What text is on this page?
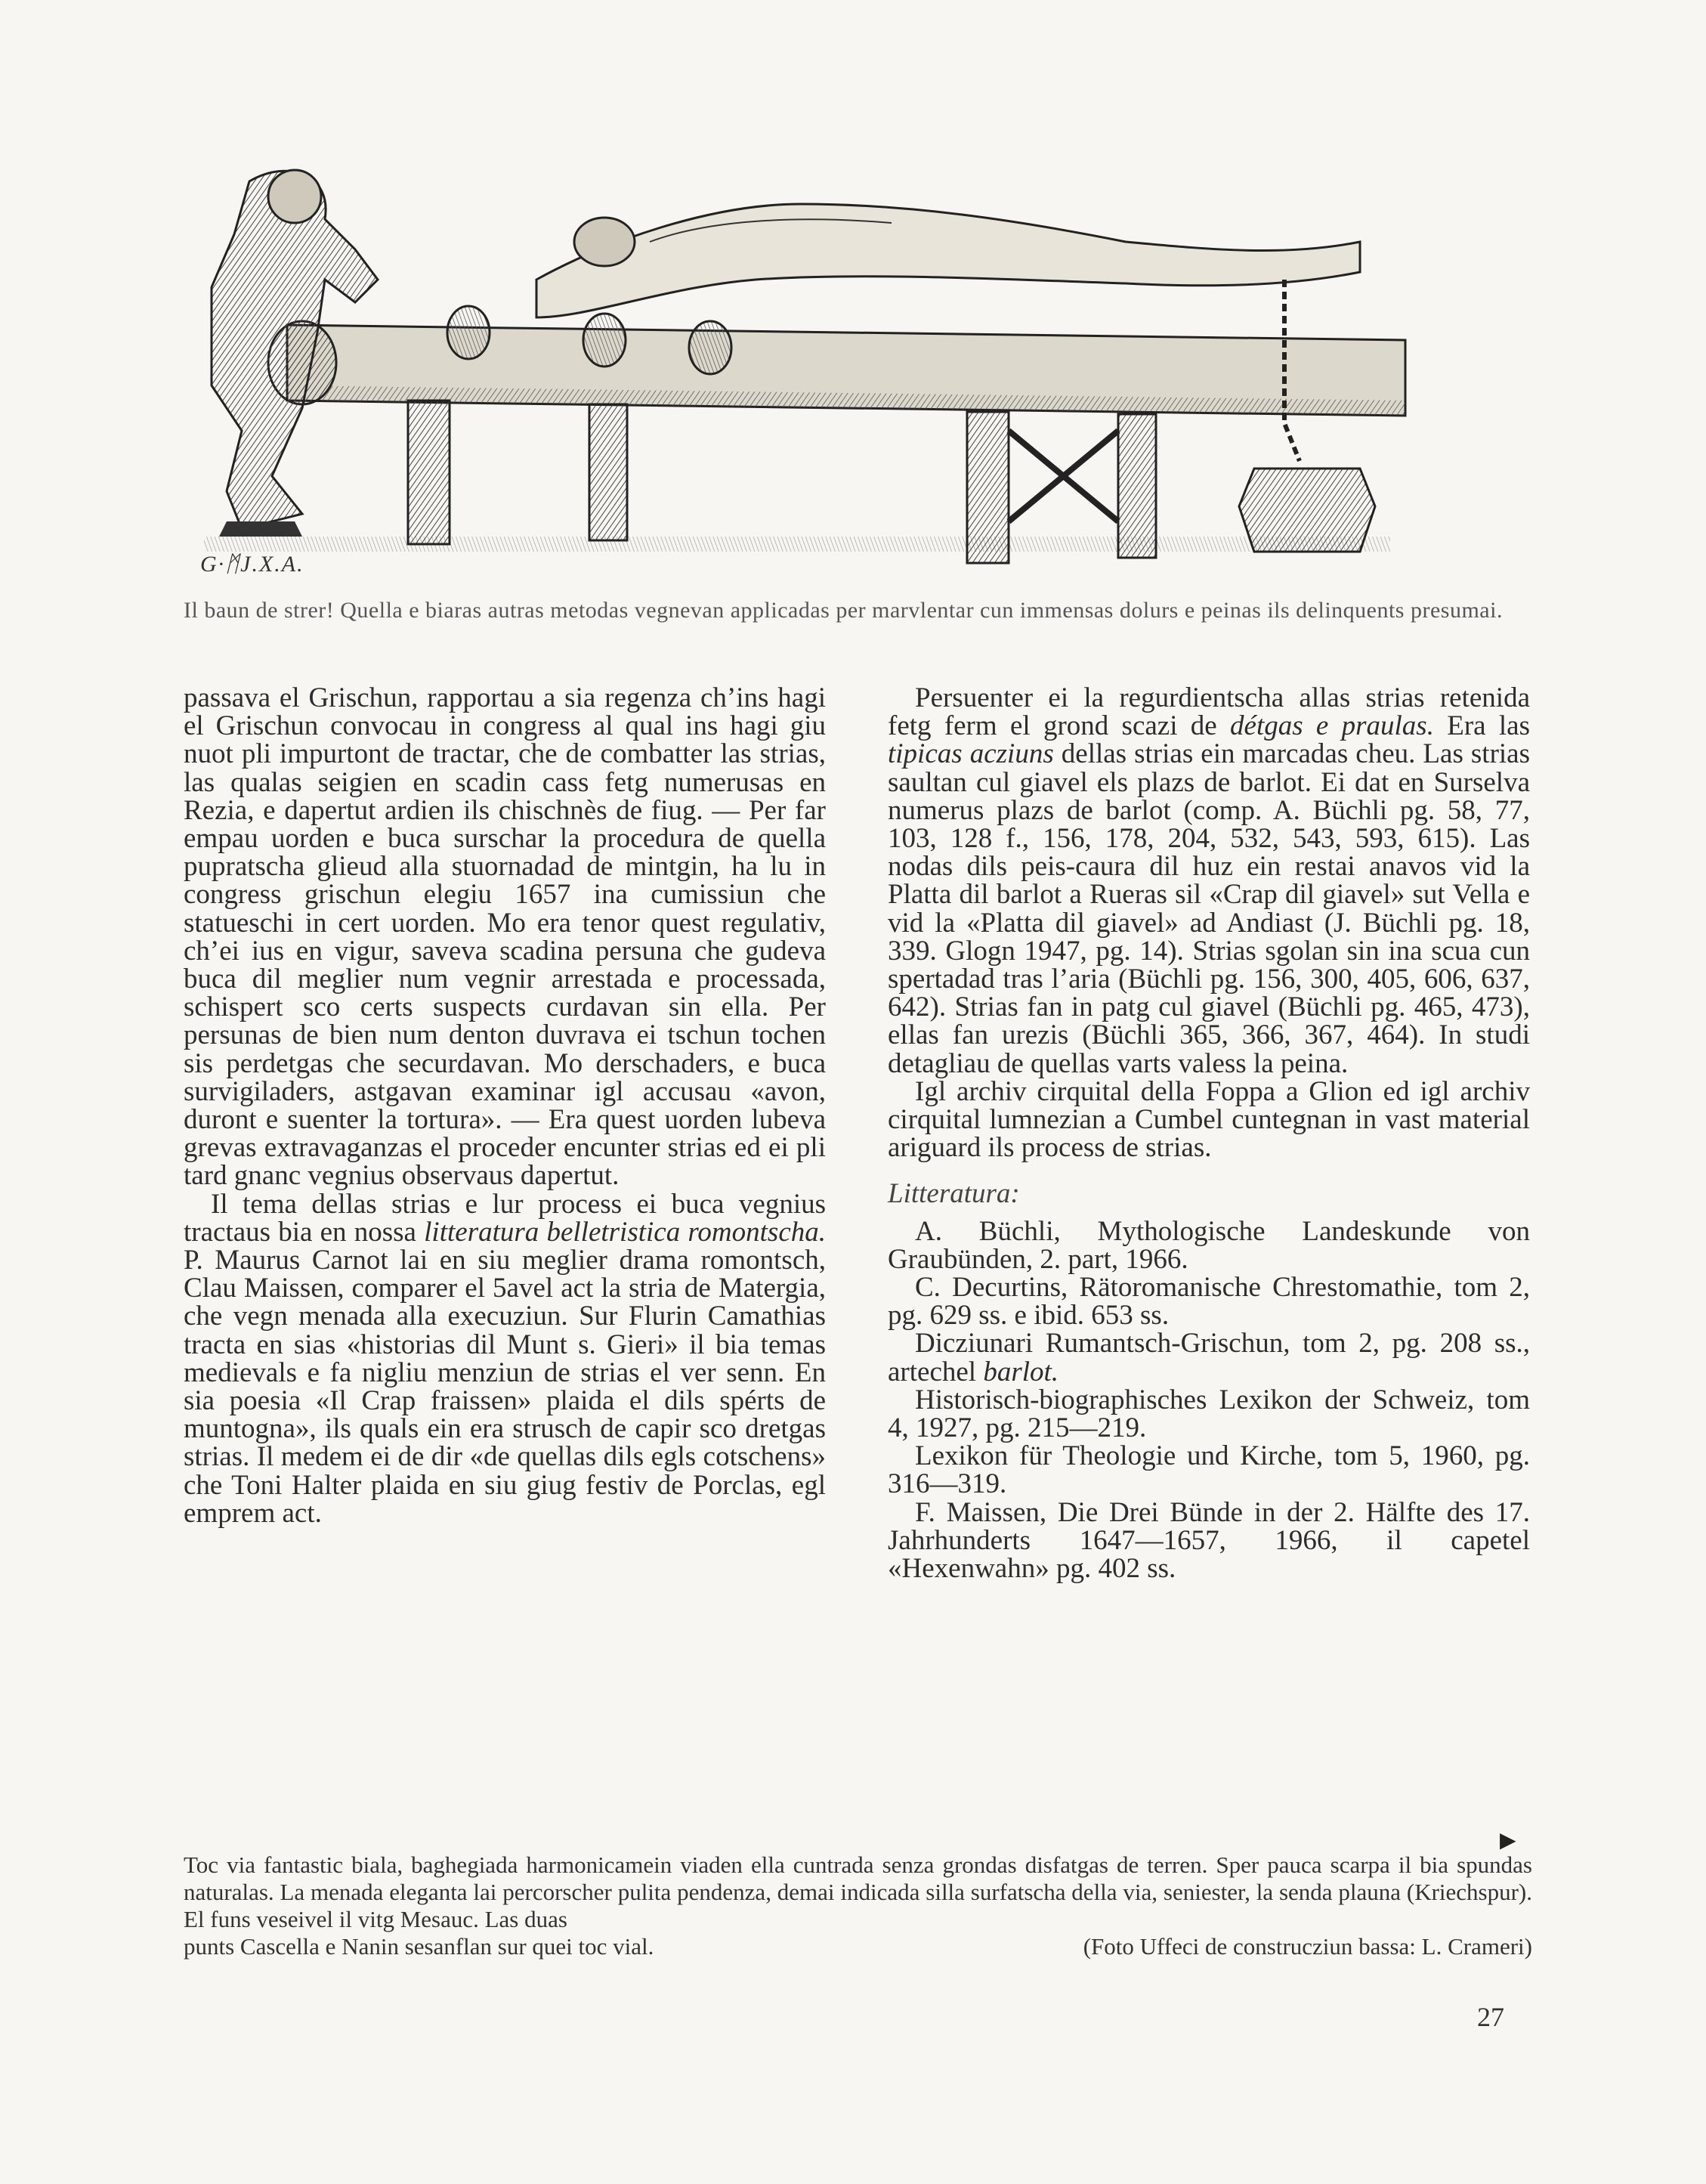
G·ᛗJ.X.A.
Il baun de strer! Quella e biaras autras metodas vegnevan applicadas per marvlentar cun immensas dolurs e peinas ils delinquents presumai.

passava el Grischun, rapportau a sia regenza ch’ins hagi el Grischun convocau in congress al qual ins hagi giu nuot pli impurtont de tractar, che de combatter las strias, las qualas seigien en scadin cass fetg numerusas en Rezia, e dapertut ardien ils chischnès de fiug. — Per far empau uorden e buca surschar la procedura de quella pupratscha glieud alla stuornadad de mintgin, ha lu in congress grischun elegiu 1657 ina cumissiun che statueschi in cert uorden. Mo era tenor quest regulativ, ch’ei ius en vigur, saveva scadina persuna che gudeva buca dil meglier num vegnir arrestada e processada, schispert sco certs suspects curdavan sin ella. Per persunas de bien num denton duvrava ei tschun tochen sis perdetgas che securdavan. Mo derschaders, e buca survigiladers, astgavan examinar igl accusau «avon, duront e suenter la tortura». — Era quest uorden lubeva grevas extravaganzas el proceder encunter strias ed ei pli tard gnanc vegnius observaus dapertut.

Il tema dellas strias e lur process ei buca vegnius tractaus bia en nossa litteratura belletristica romontscha. P. Maurus Carnot lai en siu meglier drama romontsch, Clau Maissen, comparer el 5avel act la stria de Matergia, che vegn menada alla execuziun. Sur Flurin Camathias tracta en sias «historias dil Munt s. Gieri» il bia temas medievals e fa nigliu menziun de strias el ver senn. En sia poesia «Il Crap fraissen» plaida el dils spérts de muntogna», ils quals ein era strusch de capir sco dretgas strias. Il medem ei de dir «de quellas dils egls cotschens» che Toni Halter plaida en siu giug festiv de Porclas, egl emprem act.

Persuenter ei la regurdientscha allas strias retenida fetg ferm el grond scazi de détgas e praulas. Era las tipicas acziuns dellas strias ein marcadas cheu. Las strias saultan cul giavel els plazs de barlot. Ei dat en Surselva numerus plazs de barlot (comp. A. Büchli pg. 58, 77, 103, 128 f., 156, 178, 204, 532, 543, 593, 615). Las nodas dils peis-caura dil huz ein restai anavos vid la Platta dil barlot a Rueras sil «Crap dil giavel» sut Vella e vid la «Platta dil giavel» ad Andiast (J. Büchli pg. 18, 339. Glogn 1947, pg. 14). Strias sgolan sin ina scua cun spertadad tras l’aria (Büchli pg. 156, 300, 405, 606, 637, 642). Strias fan in patg cul giavel (Büchli pg. 465, 473), ellas fan urezis (Büchli 365, 366, 367, 464). In studi detagliau de quellas varts valess la peina.

Igl archiv cirquital della Foppa a Glion ed igl archiv cirquital lumnezian a Cumbel cuntegnan in vast material ariguard ils process de strias.

Litteratura:

A. Büchli, Mythologische Landeskunde von Graubünden, 2. part, 1966.

C. Decurtins, Rätoromanische Chrestomathie, tom 2, pg. 629 ss. e ibid. 653 ss.

Dicziunari Rumantsch-Grischun, tom 2, pg. 208 ss., artechel barlot.

Historisch-biographisches Lexikon der Schweiz, tom 4, 1927, pg. 215—219.

Lexikon für Theologie und Kirche, tom 5, 1960, pg. 316—319.

F. Maissen, Die Drei Bünde in der 2. Hälfte des 17. Jahrhunderts 1647—1657, 1966, il capetel «Hexenwahn» pg. 402 ss.

▶

Toc via fantastic biala, baghegiada harmonicamein viaden ella cuntrada senza grondas disfatgas de terren. Sper pauca scarpa il bia spundas naturalas. La menada eleganta lai percorscher pulita pendenza, demai indicada silla surfatscha della via, seniester, la senda plauna (Kriechspur). El funs veseivel il vitg Mesauc. Las duas

punts Cascella e Nanin sesanflan sur quei toc vial.	(Foto Uffeci de construcziun bassa: L. Crameri)
27
